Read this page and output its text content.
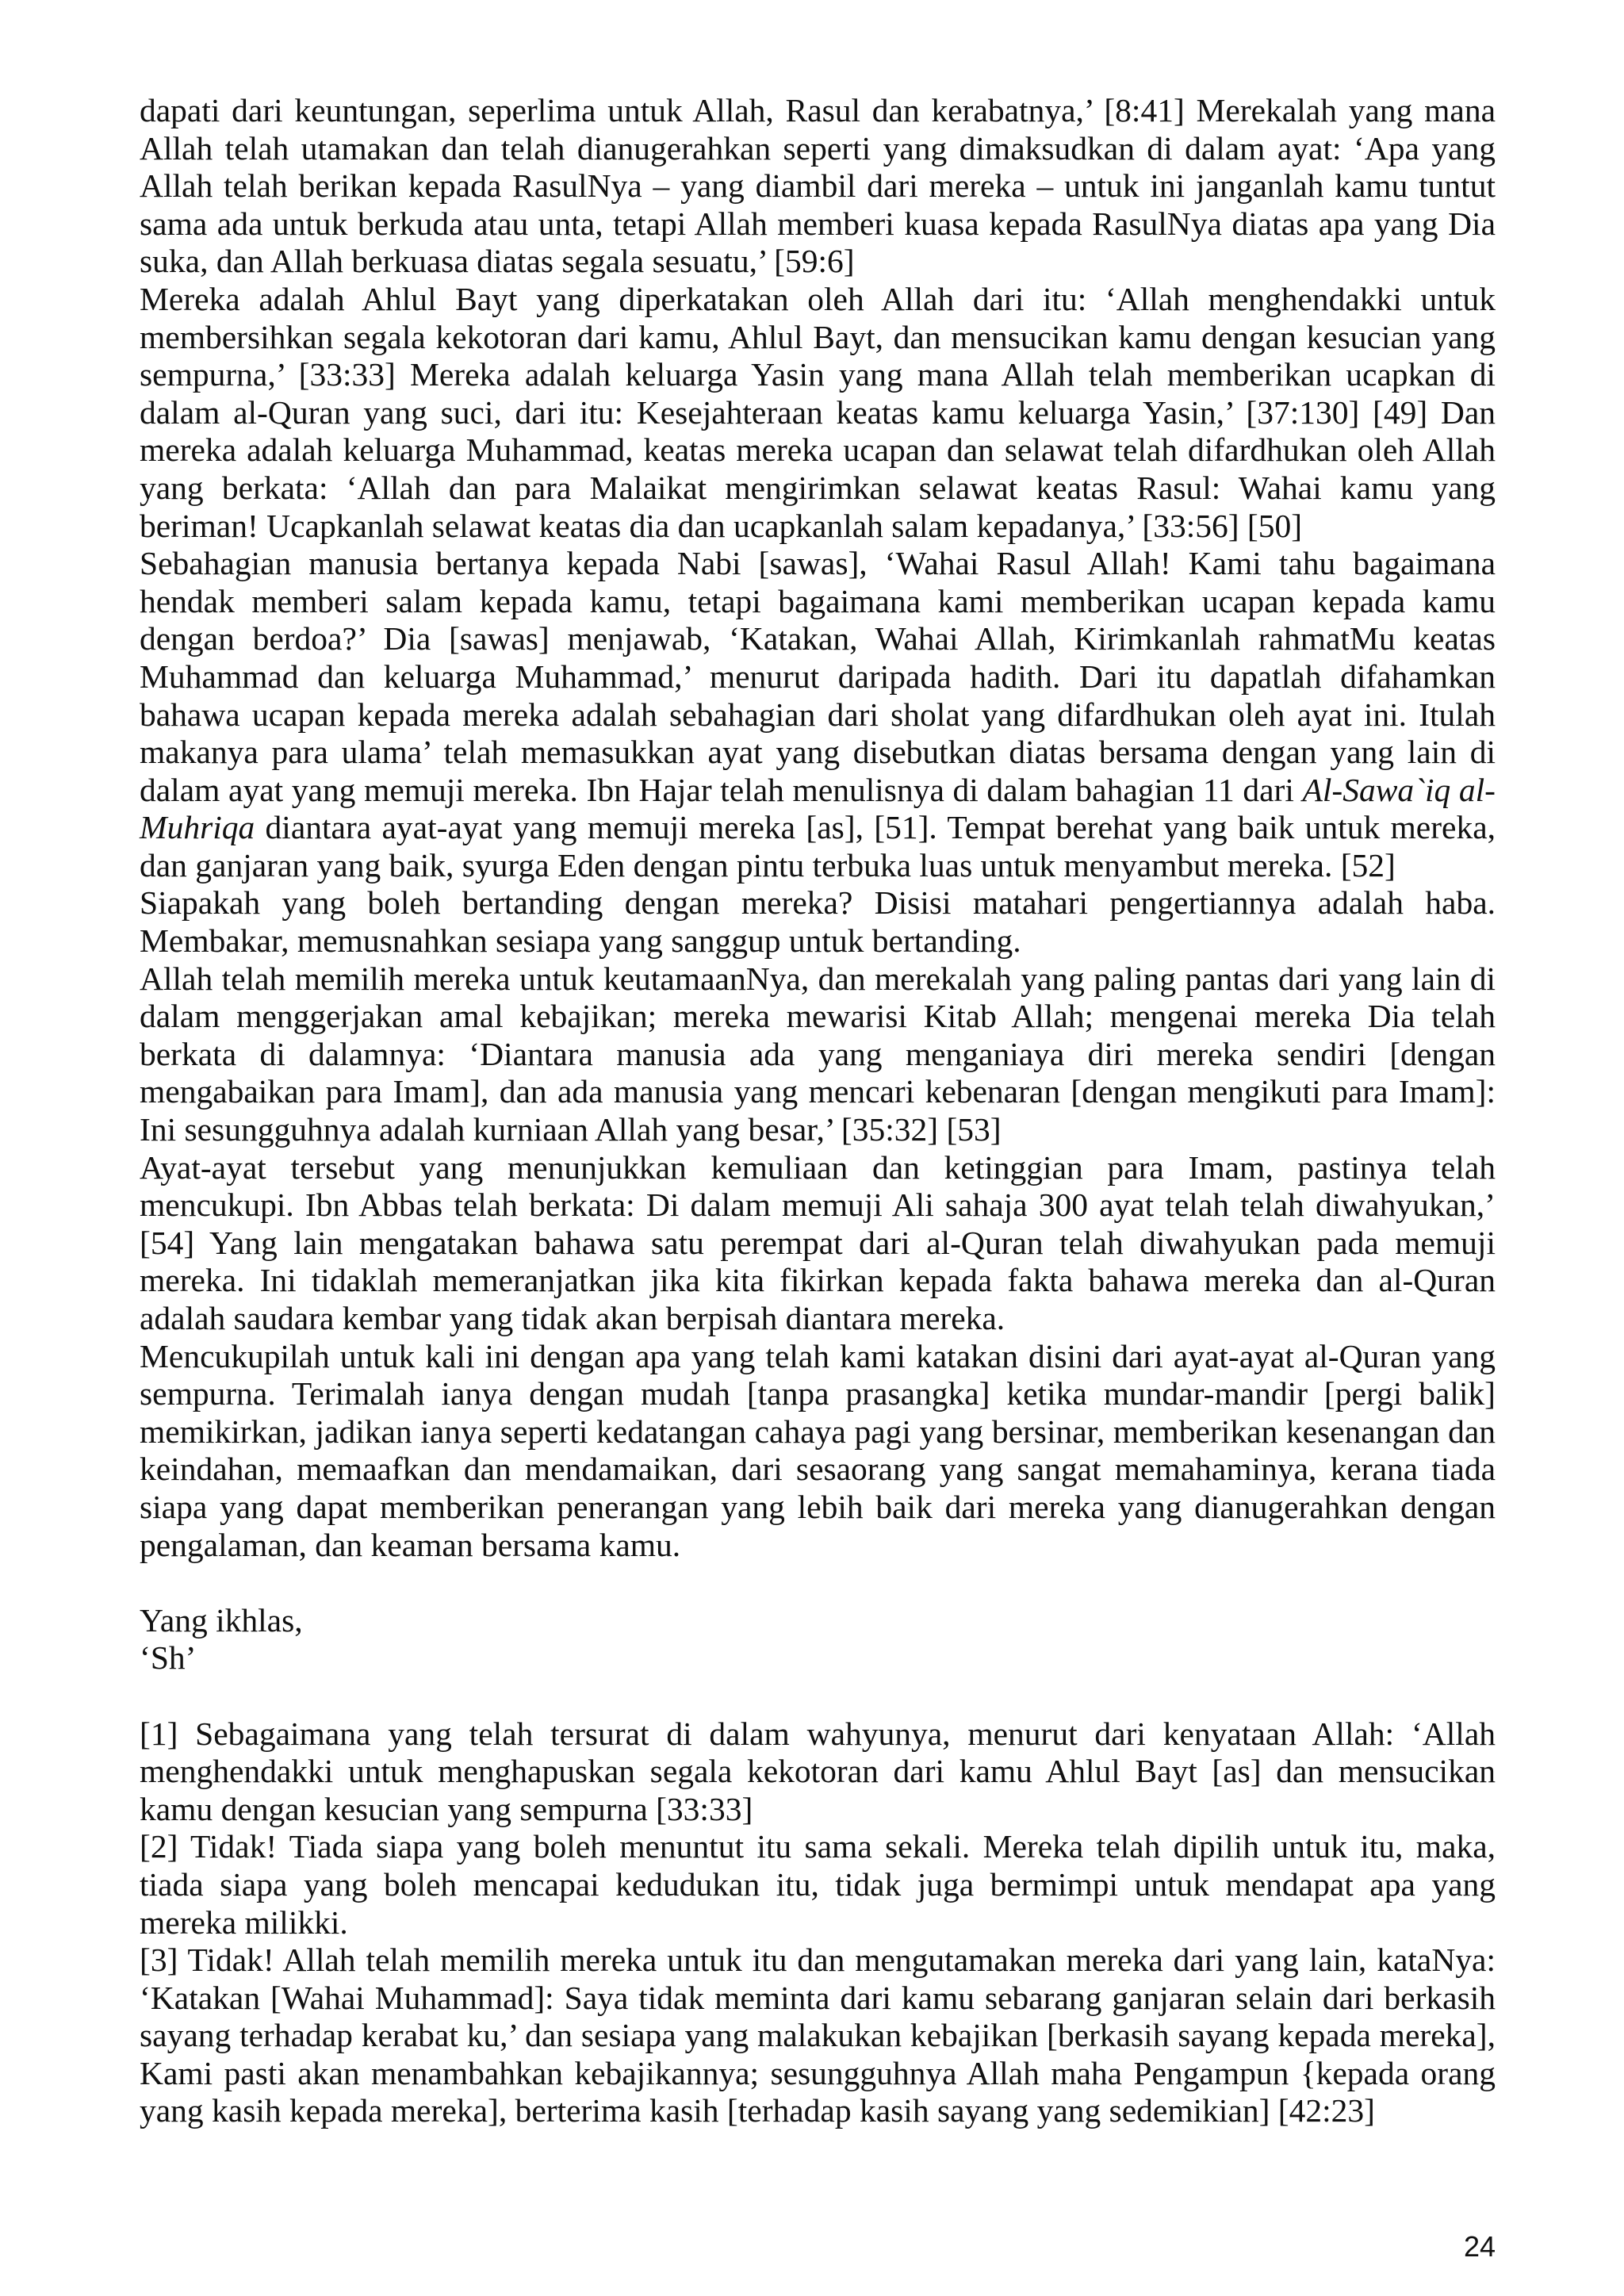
dapati dari keuntungan, seperlima untuk Allah, Rasul dan kerabatnya,’ [8:41] Merekalah yang mana Allah telah utamakan dan telah dianugerahkan seperti yang dimaksudkan di dalam ayat: ‘Apa yang Allah telah berikan kepada RasulNya – yang diambil dari mereka – untuk ini janganlah kamu tuntut sama ada untuk berkuda atau unta, tetapi Allah memberi kuasa kepada RasulNya diatas apa yang Dia suka, dan Allah berkuasa diatas segala sesuatu,’ [59:6]

Mereka adalah Ahlul Bayt yang diperkatakan oleh Allah dari itu: ‘Allah menghendakki untuk membersihkan segala kekotoran dari kamu, Ahlul Bayt, dan mensucikan kamu dengan kesucian yang sempurna,’ [33:33] Mereka adalah keluarga Yasin yang mana Allah telah memberikan ucapkan di dalam al-Quran yang suci, dari itu: Kesejahteraan keatas kamu keluarga Yasin,’ [37:130] [49] Dan mereka adalah keluarga Muhammad, keatas mereka ucapan dan selawat telah difardhukan oleh Allah yang berkata: ‘Allah dan para Malaikat mengirimkan selawat keatas Rasul: Wahai kamu yang beriman! Ucapkanlah selawat keatas dia dan ucapkanlah salam kepadanya,’ [33:56] [50]

Sebahagian manusia bertanya kepada Nabi [sawas], ‘Wahai Rasul Allah! Kami tahu bagaimana hendak memberi salam kepada kamu, tetapi bagaimana kami memberikan ucapan kepada kamu dengan berdoa?’ Dia [sawas] menjawab, ‘Katakan, Wahai Allah, Kirimkanlah rahmatMu keatas Muhammad dan keluarga Muhammad,’ menurut daripada hadith. Dari itu dapatlah difahamkan bahawa ucapan kepada mereka adalah sebahagian dari sholat yang difardhukan oleh ayat ini. Itulah makanya para ulama’ telah memasukkan ayat yang disebutkan diatas bersama dengan yang lain di dalam ayat yang memuji mereka. Ibn Hajar telah menulisnya di dalam bahagian 11 dari Al-Sawa`iq al-Muhriqa diantara ayat-ayat yang memuji mereka [as], [51]. Tempat berehat yang baik untuk mereka, dan ganjaran yang baik, syurga Eden dengan pintu terbuka luas untuk menyambut mereka. [52]

Siapakah yang boleh bertanding dengan mereka? Disisi matahari pengertiannya adalah haba. Membakar, memusnahkan sesiapa yang sanggup untuk bertanding.

Allah telah memilih mereka untuk keutamaanNya, dan merekalah yang paling pantas dari yang lain di dalam menggerjakan amal kebajikan; mereka mewarisi Kitab Allah; mengenai mereka Dia telah berkata di dalamnya: ‘Diantara manusia ada yang menganiaya diri mereka sendiri [dengan mengabaikan para Imam], dan ada manusia yang mencari kebenaran [dengan mengikuti para Imam]: Ini sesungguhnya adalah kurniaan Allah yang besar,’ [35:32] [53]

Ayat-ayat tersebut yang menunjukkan kemuliaan dan ketinggian para Imam, pastinya telah mencukupi. Ibn Abbas telah berkata: Di dalam memuji Ali sahaja 300 ayat telah telah diwahyukan,’ [54] Yang lain mengatakan bahawa satu perempat dari al-Quran telah diwahyukan pada memuji mereka. Ini tidaklah memeranjatkan jika kita fikirkan kepada fakta bahawa mereka dan al-Quran adalah saudara kembar yang tidak akan berpisah diantara mereka.

Mencukupilah untuk kali ini dengan apa yang telah kami katakan disini dari ayat-ayat al-Quran yang sempurna. Terimalah ianya dengan mudah [tanpa prasangka] ketika mundar-mandir [pergi balik] memikirkan, jadikan ianya seperti kedatangan cahaya pagi yang bersinar, memberikan kesenangan dan keindahan, memaafkan dan mendamaikan, dari sesaorang yang sangat memahaminya, kerana tiada siapa yang dapat memberikan penerangan yang lebih baik dari mereka yang dianugerahkan dengan pengalaman, dan keaman bersama kamu.

Yang ikhlas,

‘Sh’

[1] Sebagaimana yang telah tersurat di dalam wahyunya, menurut dari kenyataan Allah: ‘Allah menghendakki untuk menghapuskan segala kekotoran dari kamu Ahlul Bayt [as] dan mensucikan kamu dengan kesucian yang sempurna [33:33]

[2] Tidak! Tiada siapa yang boleh menuntut itu sama sekali. Mereka telah dipilih untuk itu, maka, tiada siapa yang boleh mencapai kedudukan itu, tidak juga bermimpi untuk mendapat apa yang mereka milikki.

[3] Tidak! Allah telah memilih mereka untuk itu dan mengutamakan mereka dari yang lain, kataNya: ‘Katakan [Wahai Muhammad]: Saya tidak meminta dari kamu sebarang ganjaran selain dari berkasih sayang terhadap kerabat ku,’ dan sesiapa yang malakukan kebajikan [berkasih sayang kepada mereka], Kami pasti akan menambahkan kebajikannya; sesungguhnya Allah maha Pengampun {kepada orang yang kasih kepada mereka], berterima kasih [terhadap kasih sayang yang sedemikian] [42:23]

24
